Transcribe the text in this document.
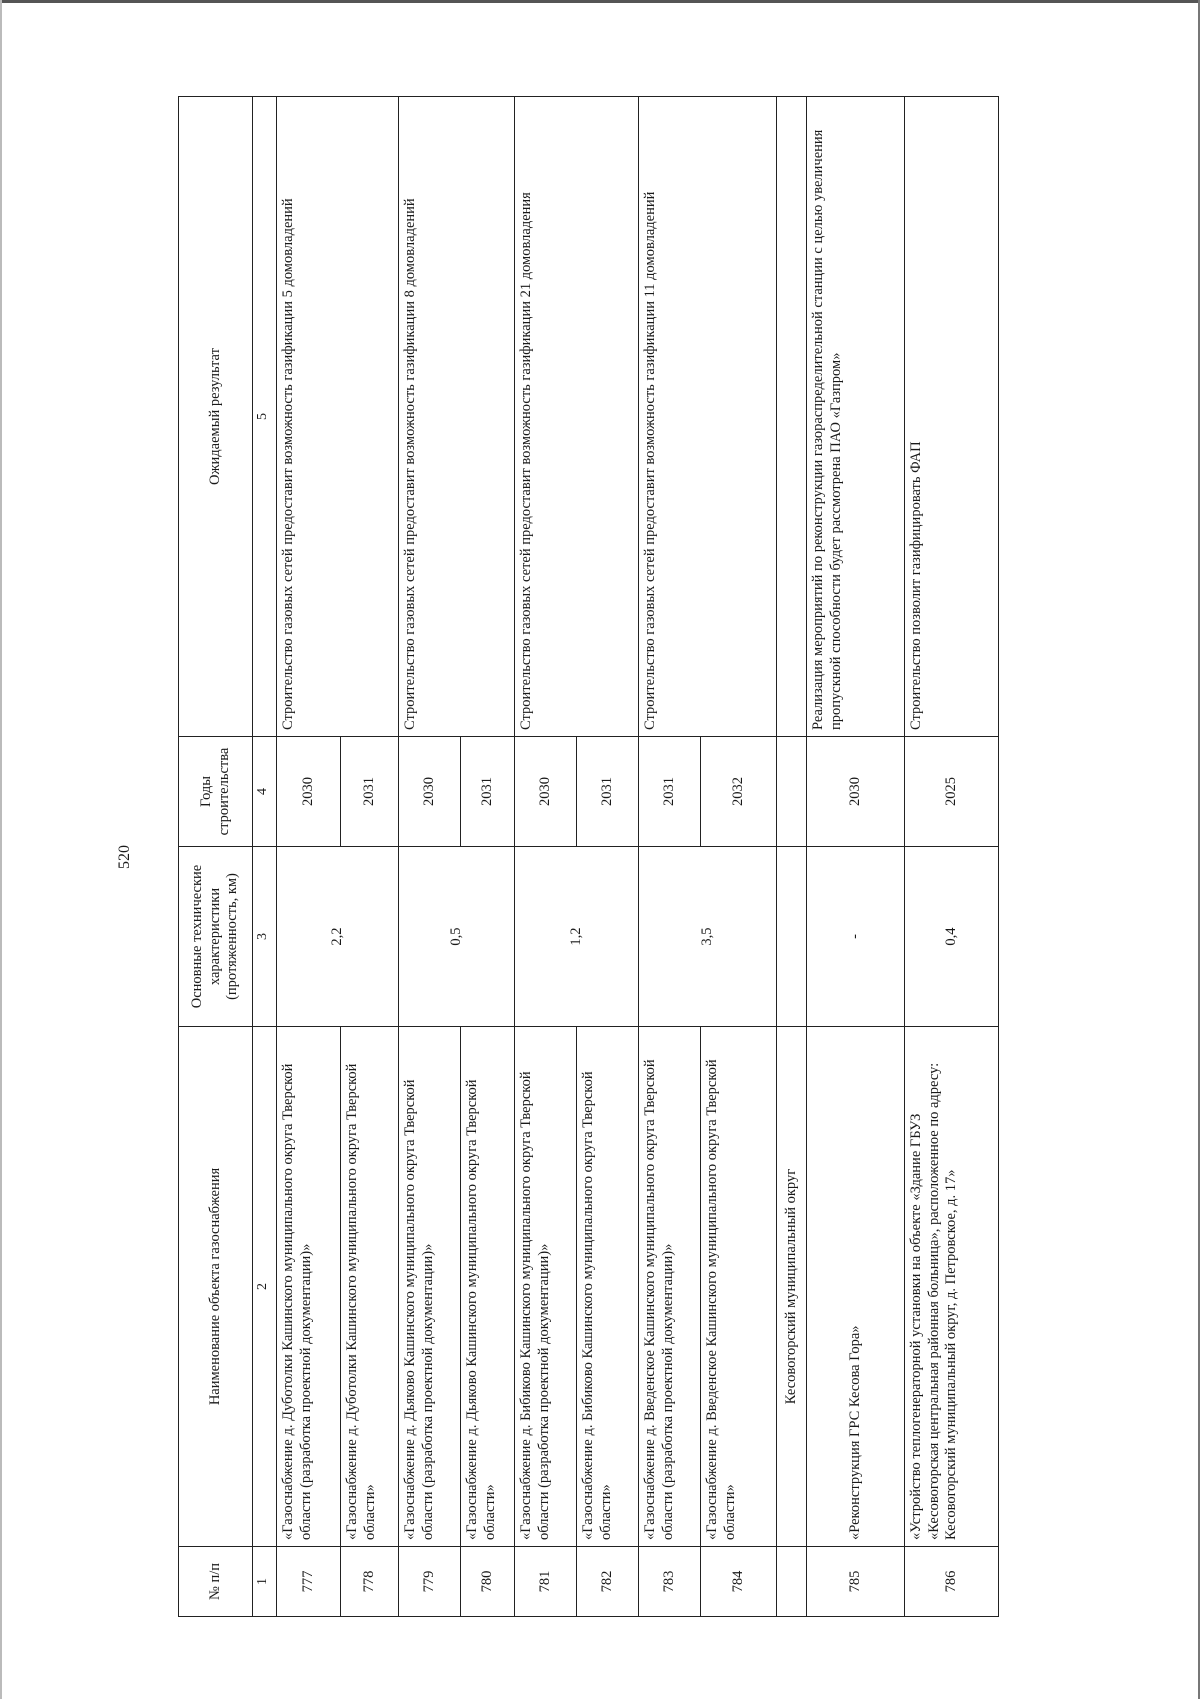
520
№ п/п	Наименование объекта газоснабжения	Основные технические характеристики (протяженность, км)	Годы строительства	Ожидаемый результат
1	2	3	4	5
777	«Газоснабжение д. Дуботолки Кашинского муниципального округа Тверской области (разработка проектной документации)»	2,2	2030	Строительство газовых сетей предоставит возможность газификации 5 домовладений
778	«Газоснабжение д. Дуботолки Кашинского муниципального округа Тверской области»		2031	
779	«Газоснабжение д. Дьяково Кашинского муниципального округа Тверской области (разработка проектной документации)»	0,5	2030	Строительство газовых сетей предоставит возможность газификации 8 домовладений
780	«Газоснабжение д. Дьяково Кашинского муниципального округа Тверской области»		2031	
781	«Газоснабжение д. Бибиково Кашинского муниципального округа Тверской области (разработка проектной документации)»	1,2	2030	Строительство газовых сетей предоставит возможность газификации 21 домовладения
782	«Газоснабжение д. Бибиково Кашинского муниципального округа Тверской области»		2031	
783	«Газоснабжение д. Введенское Кашинского муниципального округа Тверской области (разработка проектной документации)»	3,5	2031	Строительство газовых сетей предоставит возможность газификации 11 домовладений
784	«Газоснабжение д. Введенское Кашинского муниципального округа Тверской области»		2032	
	Кесовогорский муниципальный округ			
785	«Реконструкция ГРС Кесова Гора»	-	2030	Реализация мероприятий по реконструкции газораспределительной станции с целью увеличения пропускной способности будет рассмотрена ПАО «Газпром»
786	«Устройство теплогенераторной установки на объекте «Здание ГБУЗ «Кесовогорская центральная районная больница», расположенное по адресу: Кесовогорский муниципальный округ, д. Петровское, д. 17»	0,4	2025	Строительство позволит газифицировать ФАП
